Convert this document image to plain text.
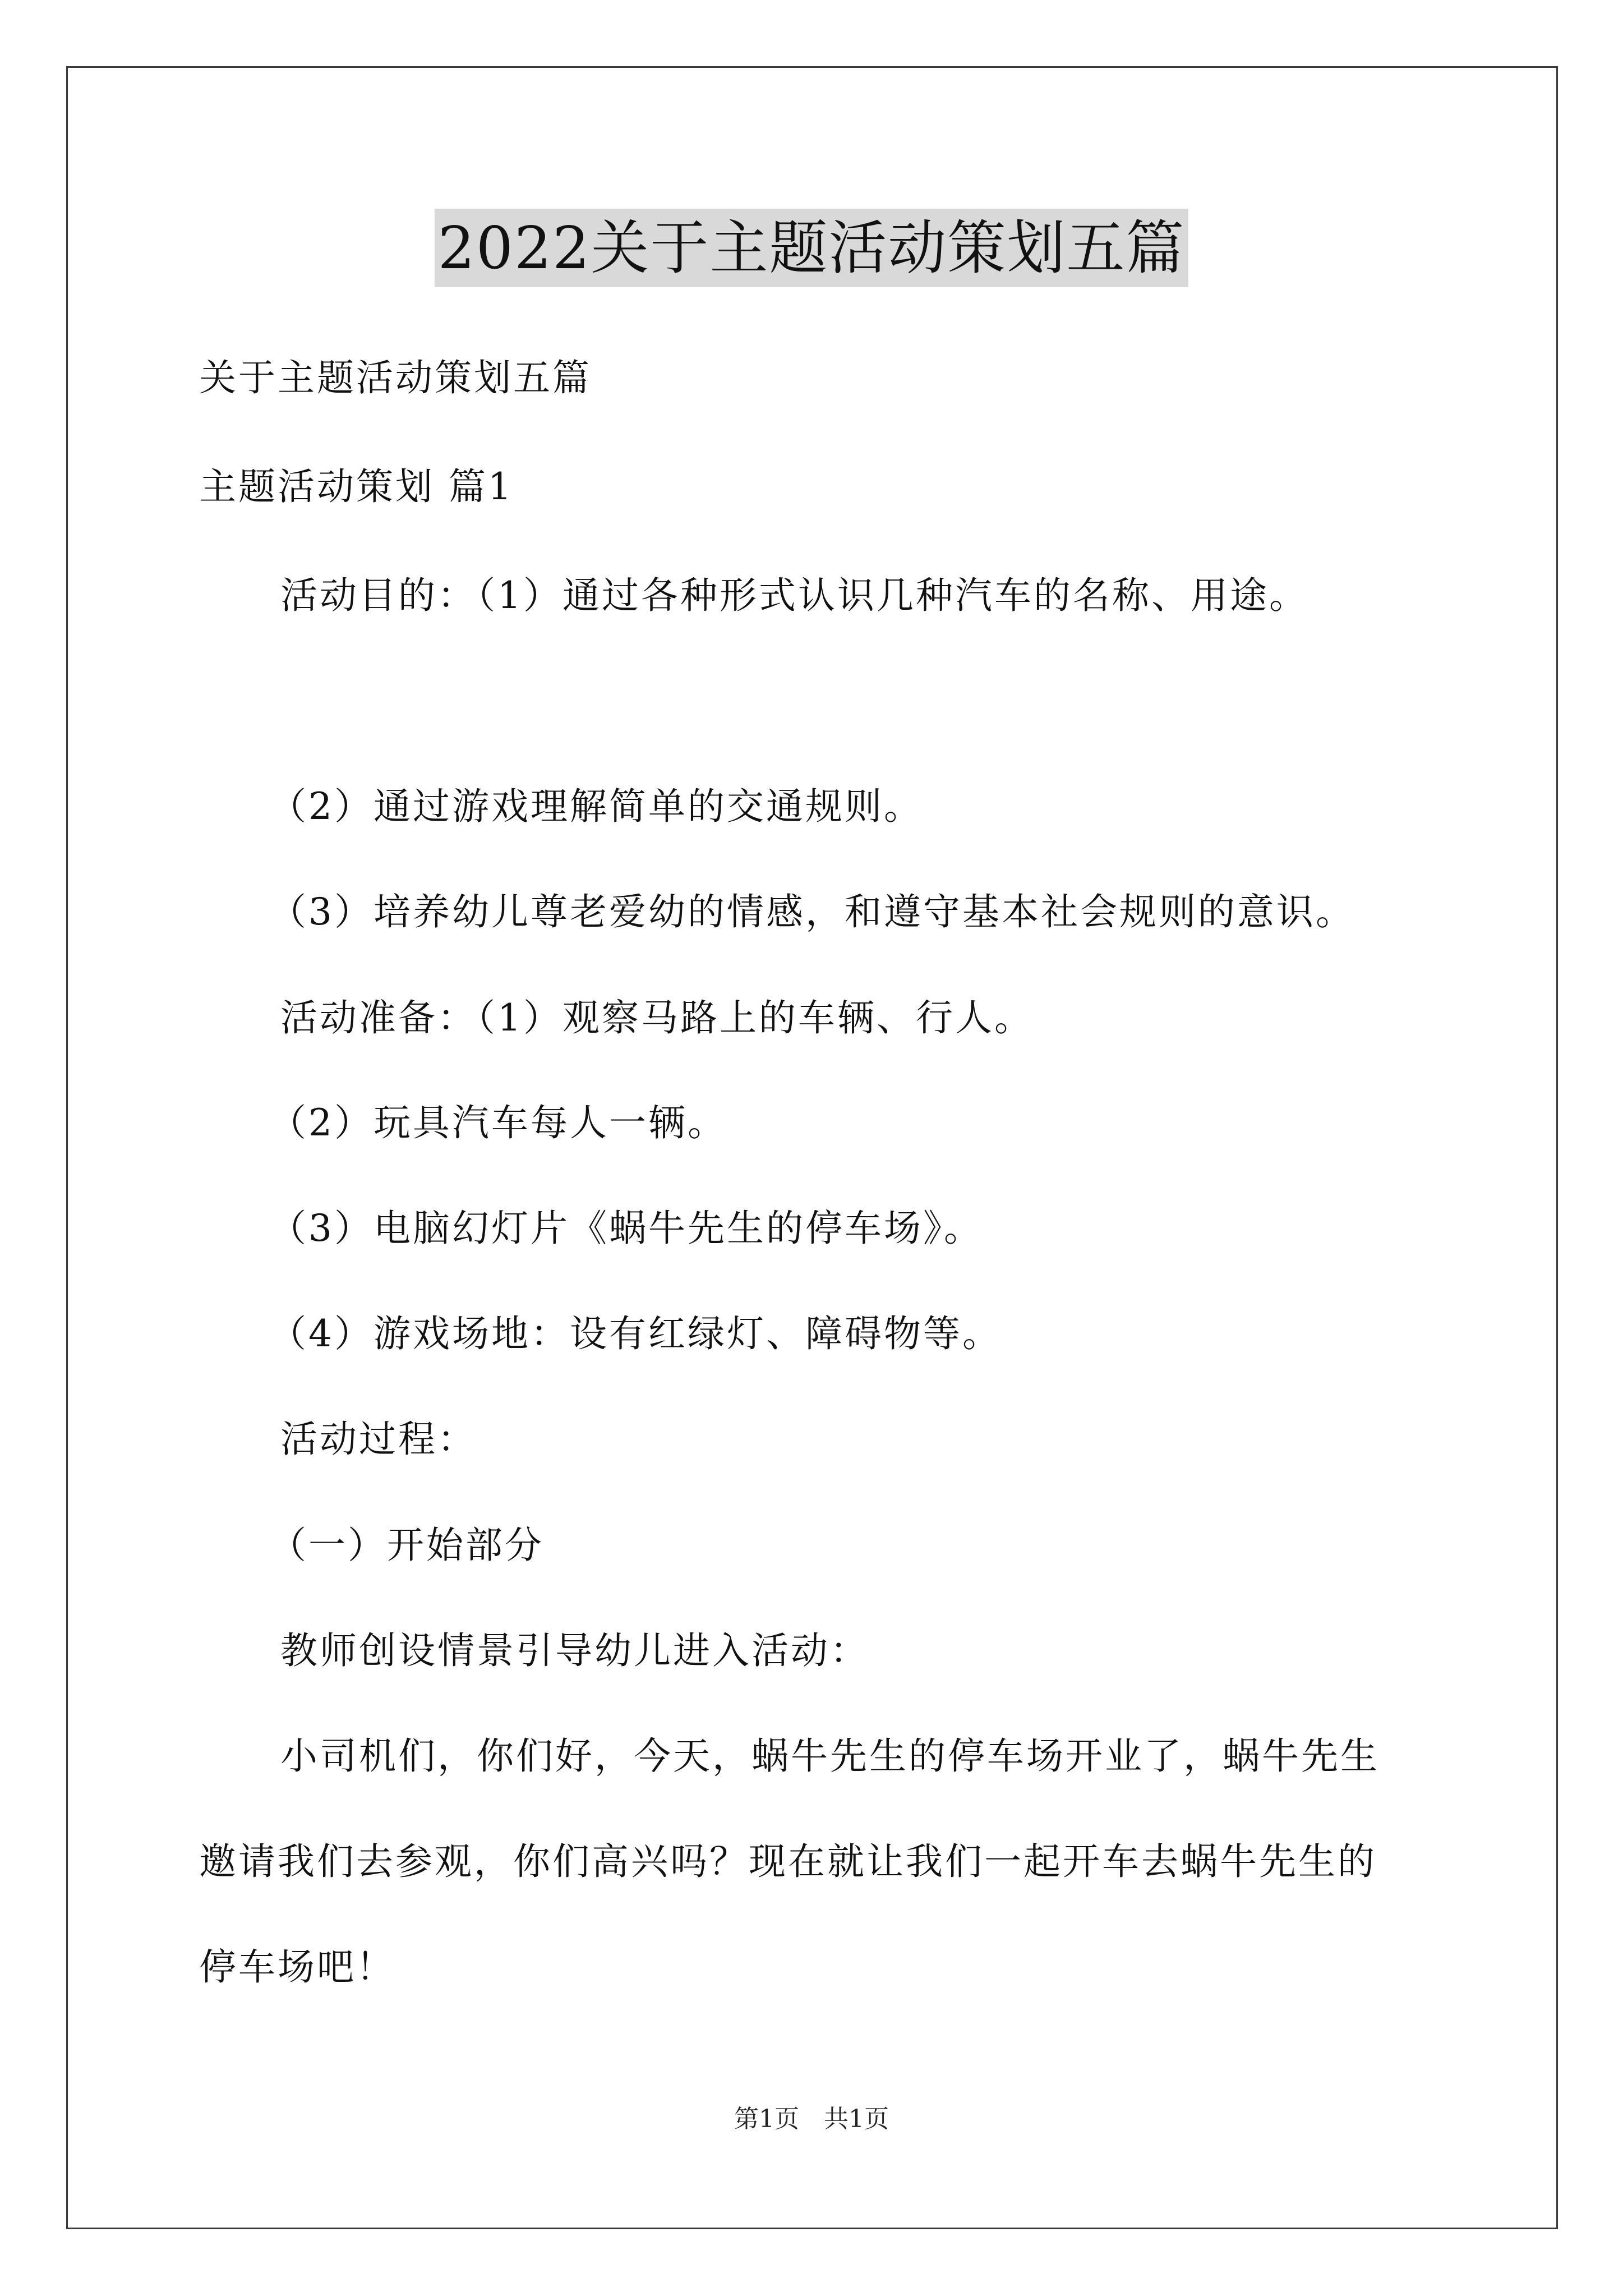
2022关于主题活动策划五篇
关于主题活动策划五篇
主题活动策划 篇1
活动目的：（1）通过各种形式认识几种汽车的名称、用途。
（2）通过游戏理解简单的交通规则。
（3）培养幼儿尊老爱幼的情感，和遵守基本社会规则的意识。
活动准备：（1）观察马路上的车辆、行人。
（2）玩具汽车每人一辆。
（3）电脑幻灯片《蜗牛先生的停车场》。
（4）游戏场地：设有红绿灯、障碍物等。
活动过程：
（一）开始部分
教师创设情景引导幼儿进入活动：
小司机们，你们好，今天，蜗牛先生的停车场开业了，蜗牛先生
邀请我们去参观，你们高兴吗？现在就让我们一起开车去蜗牛先生的
停车场吧！
第1页　共1页
